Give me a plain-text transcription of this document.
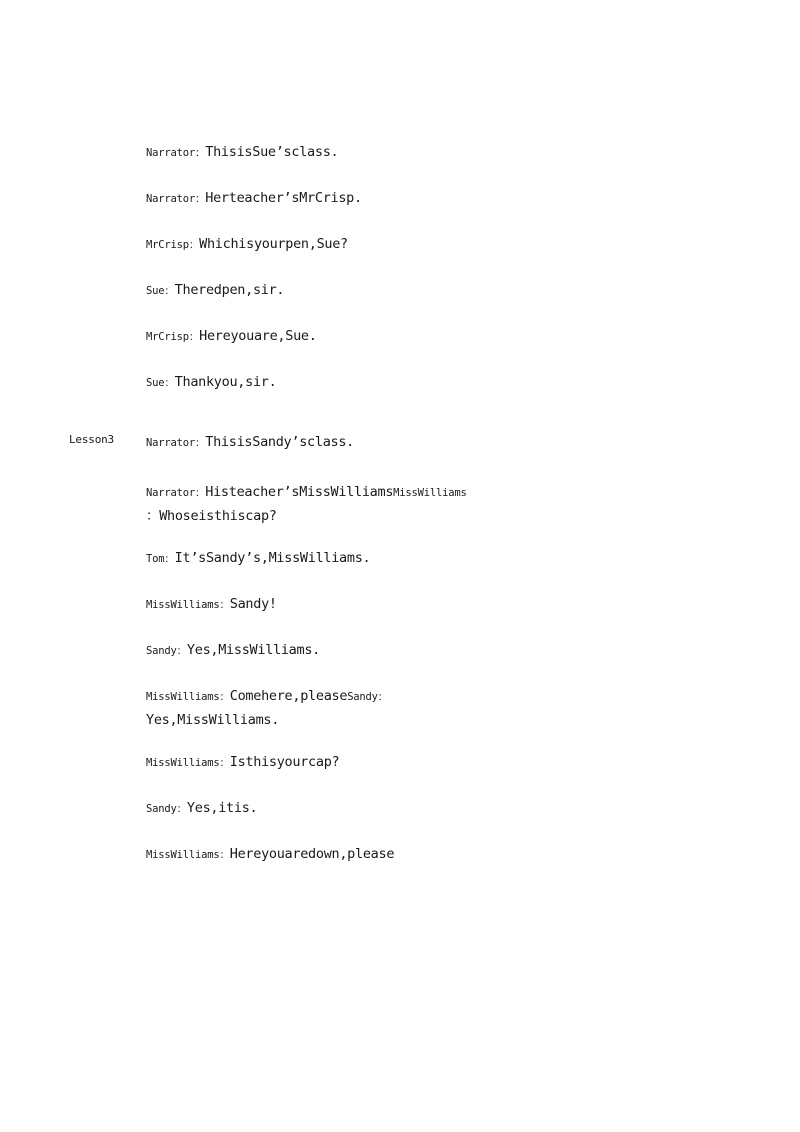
Narrator：ThisisSue’sclass.
Narrator：Herteacher’sMrCrisp.
MrCrisp：Whichisyourpen,Sue?
Sue：Theredpen,sir.
MrCrisp：Hereyouare,Sue.
Sue：Thankyou,sir.
Lesson3	Narrator：ThisisSandy’sclass.
Narrator：Histeacher’sMissWilliamsMissWilliams
：Whoseisthiscap?
Tom：It’sSandy’s,MissWilliams.
MissWilliams：Sandy!
Sandy：Yes,MissWilliams.
MissWilliams：Comehere,pleaseSandy：Yes,MissWilliams.
MissWilliams：Isthisyourcap?
Sandy：Yes,itis.
MissWilliams：Hereyouaredown,please
